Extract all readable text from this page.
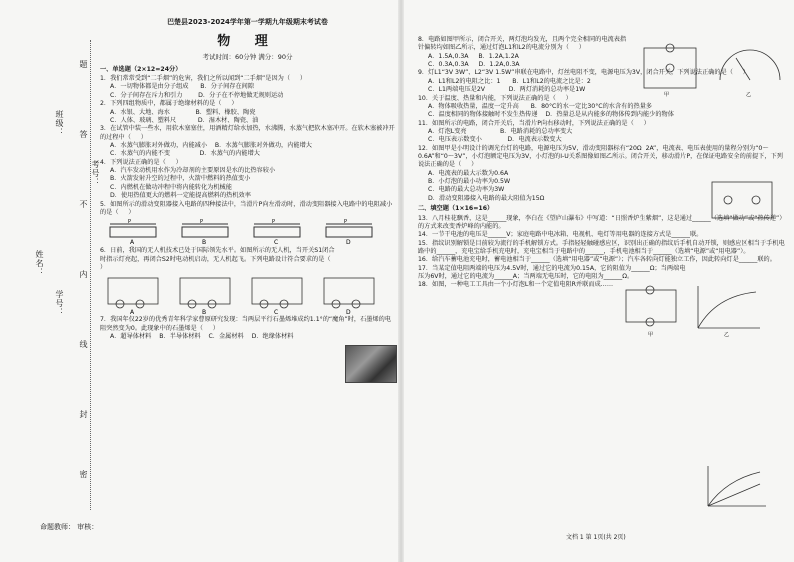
班级：
姓名：
学号：
考号：
题
答
不
内
线
封
密

巴楚县2023-2024学年第一学期九年级期末考试卷

物 理

考试时间：60分钟 满分：90分

一、单选题（2×12=24分）

1．我们常常受到“二手烟”的危害，我们之所以闻到“二手烟”是因为（     ）

A．一切物体都是由分子组成      B．分子间存在间隙

C．分子间存在斥力和引力        D．分子在不停地做无规则运动

2．下列四组物质中，都属于绝缘材料的是（     ）

A．水银、大地、海水             B．塑料、橡胶、陶瓷

C．人体、玻璃、塑料尺           D．湿木材、陶瓷、油

3．在试管中装一些水，用软木塞塞住，用酒精灯给水加热，水沸腾，水蒸气把软木塞冲开。在软木塞被冲开的过程中（     ）

A．水蒸气膨胀对外做功，内能减小    B．水蒸气膨胀对外做功，内能增大

C．水蒸气的内能不变               D．水蒸气的内能增大

4．下列说法正确的是（     ）

A．汽车发动机用水作为冷却剂的主要原因是水的比热容较小

B．火箭发射升空的过程中，火箭中燃料的热值变小

C．内燃机在做功冲程中将内能转化为机械能

D．使用热值更大的燃料一定能提高燃料的热机效率

5．如图所示的滑动变阻器接入电路的四种接法中，当滑片P向左滑动时，滑动变阻器接入电路中的电阻减小的是（     ）

P	P	P	P
A	B	C	D

6．日前，我国的无人机技术已处于国际领先水平。如图所示的无人机，当开关S1闭合时指示灯亮起，再闭合S2时电动机启动，无人机起飞。下列电路设计符合要求的是（     ）

A	B	C	D

7．我国年仅22岁的优秀青年科学家曹原研究发现：当两层平行石墨烯堆成约1.1°的“魔角”时，石墨烯的电阻突然变为0。此现象中的石墨烯是（     ）

A．超导体材料    B．半导体材料    C．金属材料    D．绝缘体材料

8．电路如图甲所示，闭合开关，两灯泡均发光，且两个完全相同的电流表指针偏转均如图乙所示，通过灯泡L1和L2的电流分别为（     ）

A．1.5A,0.3A     B．1.2A,1.2A

C．0.3A,0.3A     D．1.2A,0.3A

9．灯L1“3V 3W”、L2“3V 1.5W”串联在电路中，灯丝电阻不变，电源电压为3V，闭合开关，下列说法正确的是（     ）

A．L1和L2的电阻之比：1      B．L1和L2的电流之比是：2

C．L1两端电压是2V            D．两灯消耗的总功率是1W

10．关于温度、热量和内能，下列说法正确的是（     ）

A．物体吸收热量，温度一定升高      B．80°C的水一定比30°C的水含有的热量多

C．温度相同的物体接触时不发生热传递    D．热量总是从内能多的物体传到内能少的物体

11．如图所示的电路，闭合开关后，当滑片P向右移动时，下列说法正确的是（     ）

A．灯泡L变亮                 B．电路消耗的总功率变大

C．电压表示数变小             D．电流表示数变大

12．如图甲是小明设计的调光台灯的电路，电源电压为5V，滑动变阻器标有“20Ω  2A”，电流表、电压表使用的量程分别为“0～0.6A”和“0～3V”，小灯泡额定电压为3V，小灯泡的I-U关系图像如图乙所示。闭合开关，移动滑片P，在保证电路安全的前提下，下列说法正确的是（     ）

A．电流表的最大示数为0.6A

B．小灯泡的最小功率为0.5W

C．电路的最大总功率为3W

D．滑动变阻器接入电路的最大阻值为15Ω

二、填空题（1×16=16）

13．八月桂花飘香，这是______现象，李白在《望庐山瀑布》中写道：“日照香炉生紫烟”，这是通过______（选填“做功”或“热传递”）的方式来改变香炉峰的内能的。

14．一节干电池的电压是______V；家庭电路中电冰箱、电视机、电灯等用电器的连接方式是______联。

15．指纹识别解锁是目前较为流行的手机解锁方式。手指轻轻触碰感应区，识别出正确的指纹后手机自动开锁，则感应区相当于手机电路中的______，充电宝给手机充电时，充电宝相当于电路中的______，手机电池相当于______（选填“电源”或“用电器”）。

16．给汽车蓄电池充电时，蓄电池相当于______（选填“用电器”或“电源”）；汽车各转向灯能独立工作，因此转向灯是______联的。

17．当某定值电阻两端的电压为4.5V时，通过它的电流为0.15A，它的阻值为______Ω；当两端电压为6V时，通过它的电流为______A；当两端无电压时，它的电阻为______Ω。

18．如图，一种电工工具由一个小灯泡L和一个定值电阻R并联而成……

甲	乙
甲	乙
命题教师： 审核：
文档 1 第 1页(共 2页)
